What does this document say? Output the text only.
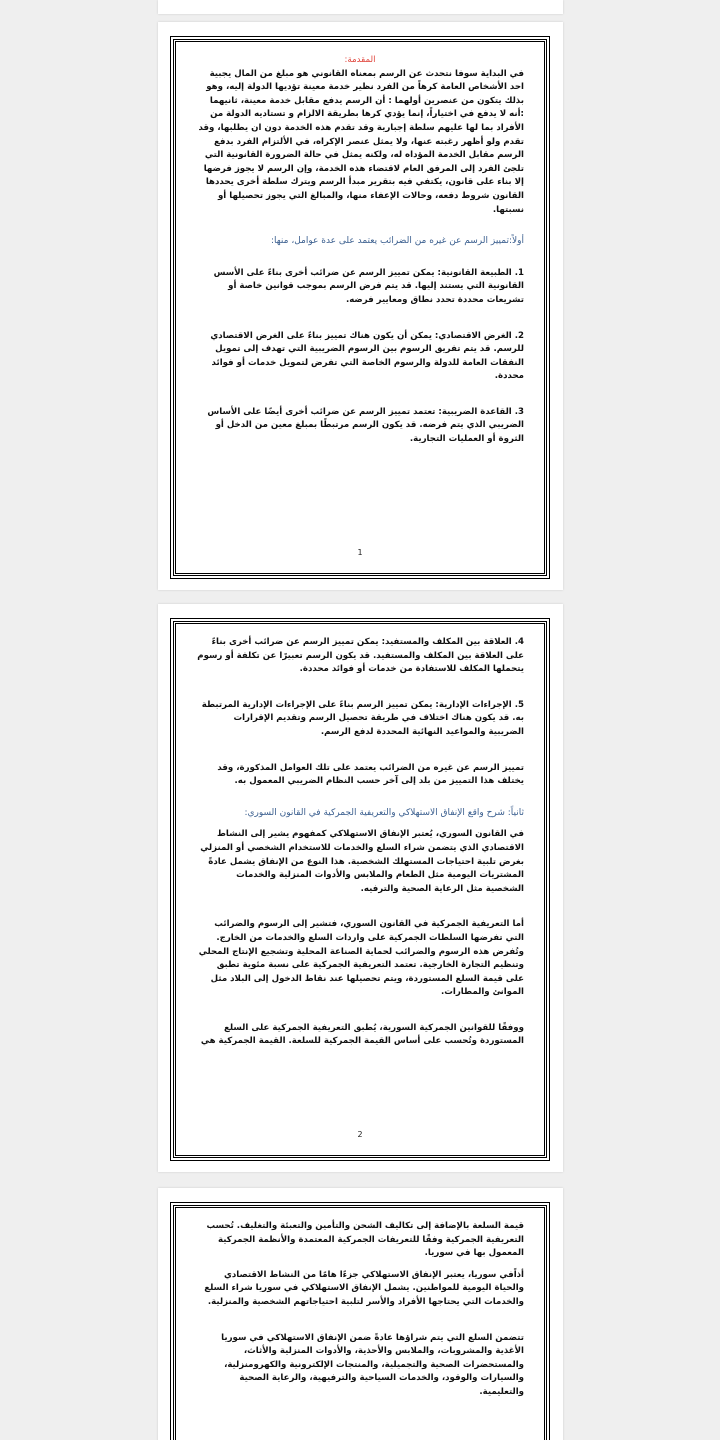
المقدمة:

في البداية سوفا نتحدث عن الرسم بمعناه القانوني هو مبلغ من المال يجبية احد الأشخاص العامة كرهاً من الفرد نظير خدمة معينة تؤديها الدولة إليه، وهو بذلك يتكون من عنصرين أولهما : أن الرسم يدفع مقابل خدمة معينة، ثانيهما :أنه لا يدفع في اختياراً، إنما يؤدي كرها بطريقة الالزام و تستاديه الدولة من الأفراد بما لها عليهم سلطة إجبارية وقد تقدم هذه الخدمة دون ان يطلبها، وقد تقدم ولو أظهر رغبته عنها، ولا يمثل عنصر الإكراه، في الألتزام الفرد بدفع الرسم مقابل الخدمة المؤداه له، ولكنه يمثل في حالة الضرورة القانونية التي تلجئ الفرد إلى المرفق العام لاقتضاء هذه الخدمة، وإن الرسم لا يجوز فرضها إلا بناء على قانون، يكتفي فيه بتقرير مبدأ الرسم ويترك سلطة أخرى يحددها القانون شروط دفعه، وحالات الإعفاء منها، والمبالغ التي يجوز تحصيلها أو نسبتها.

أولاً:تمييز الرسم عن غيره من الضرائب يعتمد على عدة عوامل، منها:

1. الطبيعة القانونية: يمكن تمييز الرسم عن ضرائب أخرى بناءً على الأسس القانونية التي يستند إليها. قد يتم فرض الرسم بموجب قوانين خاصة أو تشريعات محددة تحدد نطاق ومعايير فرضه.

2. الغرض الاقتصادي: يمكن أن يكون هناك تمييز بناءً على الغرض الاقتصادي للرسم. قد يتم تفريق الرسوم بين الرسوم الضريبية التي تهدف إلى تمويل النفقات العامة للدولة والرسوم الخاصة التي تفرض لتمويل خدمات أو فوائد محددة.

3. القاعدة الضريبية: تعتمد تمييز الرسم عن ضرائب أخرى أيضًا على الأساس الضريبي الذي يتم فرضه. قد يكون الرسم مرتبطًا بمبلغ معين من الدخل أو الثروة أو العمليات التجارية.

1

4. العلاقة بين المكلف والمستفيد: يمكن تمييز الرسم عن ضرائب أخرى بناءً على العلاقة بين المكلف والمستفيد. قد يكون الرسم تعبيرًا عن تكلفة أو رسوم يتحملها المكلف للاستفادة من خدمات أو فوائد محددة.

5. الإجراءات الإدارية: يمكن تمييز الرسم بناءً على الإجراءات الإدارية المرتبطة به. قد يكون هناك اختلاف في طريقة تحصيل الرسم وتقديم الإقرارات الضريبية والمواعيد النهائية المحددة لدفع الرسم.

تمييز الرسم عن غيره من الضرائب يعتمد على تلك العوامل المذكورة، وقد يختلف هذا التمييز من بلد إلى آخر حسب النظام الضريبي المعمول به.

ثانياً: شرح واقع الإنفاق الاستهلاكي والتعريفية الجمركية في القانون السوري:

في القانون السوري، يُعتبر الإنفاق الاستهلاكي كمفهوم يشير إلى النشاط الاقتصادي الذي يتضمن شراء السلع والخدمات للاستخدام الشخصي أو المنزلي بغرض تلبية احتياجات المستهلك الشخصية. هذا النوع من الإنفاق يشمل عادةً المشتريات اليومية مثل الطعام والملابس والأدوات المنزلية والخدمات الشخصية مثل الرعاية الصحية والترفيه.

أما التعريفية الجمركية في القانون السوري، فتشير إلى الرسوم والضرائب التي تفرضها السلطات الجمركية على واردات السلع والخدمات من الخارج. وتُفرض هذه الرسوم والضرائب لحماية الصناعة المحلية وتشجيع الإنتاج المحلي وتنظيم التجارة الخارجية. تعتمد التعريفية الجمركية على نسبة مئوية تطبق على قيمة السلع المستوردة، ويتم تحصيلها عند نقاط الدخول إلى البلاد مثل الموانئ والمطارات.

ووفقًا للقوانين الجمركية السورية، يُطبق التعريفية الجمركية على السلع المستوردة وتُحسب على أساس القيمة الجمركية للسلعة. القيمة الجمركية هي

2

قيمة السلعة بالإضافة إلى تكاليف الشحن والتأمين والتعبئة والتغليف. تُحسب التعريفية الجمركية وفقًا للتعريفات الجمركية المعتمدة والأنظمة الجمركية المعمول بها في سوريا.

أذاًفي سوريا، يعتبر الإنفاق الاستهلاكي جزءًا هامًا من النشاط الاقتصادي والحياة اليومية للمواطنين. يشمل الإنفاق الاستهلاكي في سوريا شراء السلع والخدمات التي يحتاجها الأفراد والأسر لتلبية احتياجاتهم الشخصية والمنزلية.

تتضمن السلع التي يتم شراؤها عادةً ضمن الإنفاق الاستهلاكي في سوريا الأغذية والمشروبات، والملابس والأحذية، والأدوات المنزلية والأثاث، والمستحضرات الصحية والتجميلية، والمنتجات الإلكترونية والكهرومنزلية، والسيارات والوقود، والخدمات السياحية والترفيهية، والرعاية الصحية والتعليمية.
